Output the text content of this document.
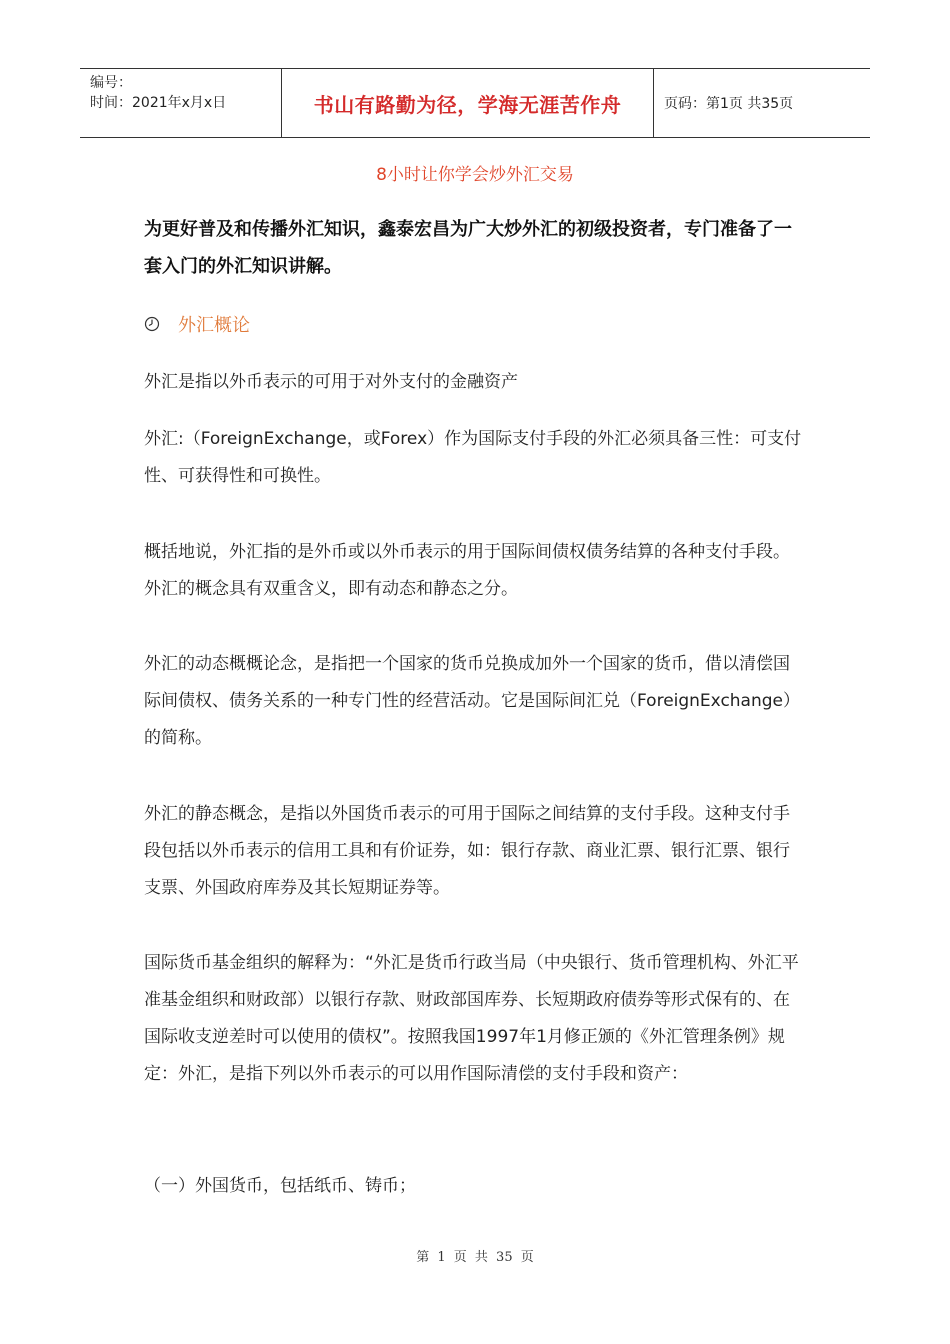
编号：
时间：2021年x月x日	书山有路勤为径，学海无涯苦作舟	页码：第1页 共35页
8小时让你学会炒外汇交易

为更好普及和传播外汇知识，鑫泰宏昌为广大炒外汇的初级投资者，专门准备了一套入门的外汇知识讲解。

外汇概论

外汇是指以外币表示的可用于对外支付的金融资产

外汇:（ForeignExchange，或Forex）作为国际支付手段的外汇必须具备三性：可支付性、可获得性和可换性。

概括地说，外汇指的是外币或以外币表示的用于国际间债权债务结算的各种支付手段。外汇的概念具有双重含义，即有动态和静态之分。

外汇的动态概概论念，是指把一个国家的货币兑换成加外一个国家的货币，借以清偿国际间债权、债务关系的一种专门性的经营活动。它是国际间汇兑（ForeignExchange）的简称。

外汇的静态概念，是指以外国货币表示的可用于国际之间结算的支付手段。这种支付手段包括以外币表示的信用工具和有价证券，如：银行存款、商业汇票、银行汇票、银行支票、外国政府库券及其长短期证券等。

国际货币基金组织的解释为：“外汇是货币行政当局（中央银行、货币管理机构、外汇平准基金组织和财政部）以银行存款、财政部国库券、长短期政府债券等形式保有的、在国际收支逆差时可以使用的债权”。按照我国1997年1月修正颁的《外汇管理条例》规定：外汇，是指下列以外币表示的可以用作国际清偿的支付手段和资产：

（一）外国货币，包括纸币、铸币；

第 1 页 共 35 页
